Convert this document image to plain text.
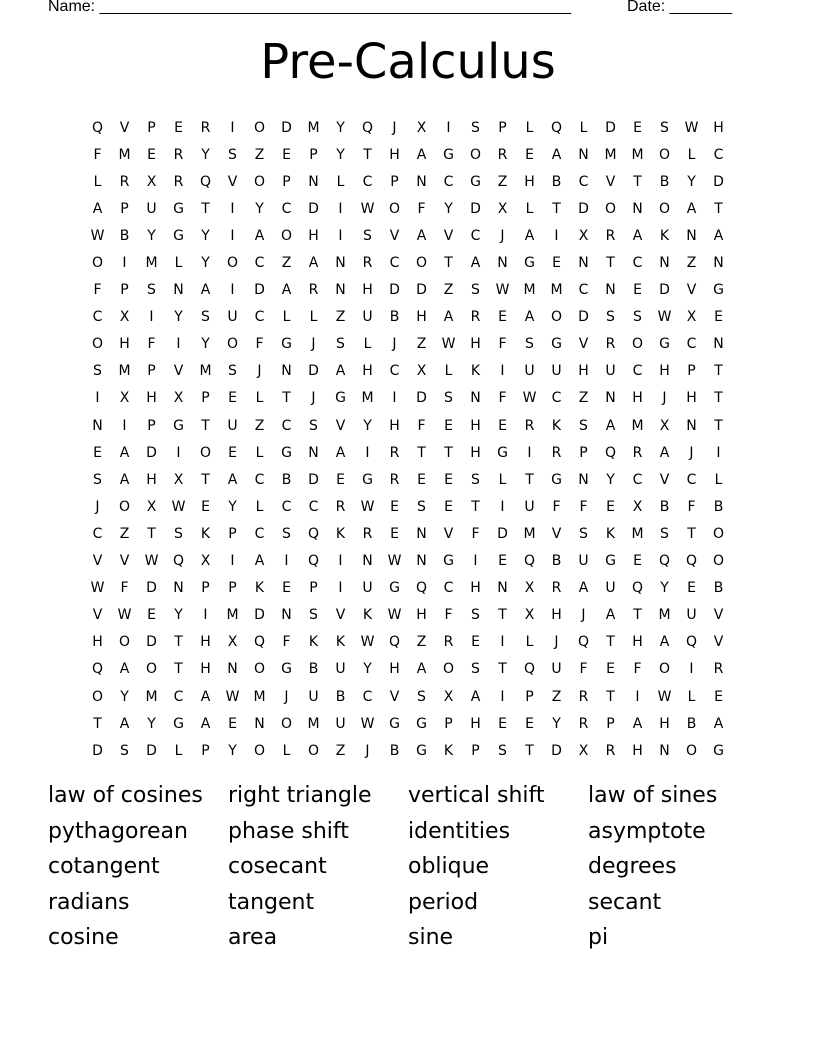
Name: _____________________________________________________	Date: _______
Pre-Calculus
Q	V	P	E	R	I	O	D	M	Y	Q	J	X	I	S	P	L	Q	L	D	E	S	W	H
F	M	E	R	Y	S	Z	E	P	Y	T	H	A	G	O	R	E	A	N	M	M	O	L	C
L	R	X	R	Q	V	O	P	N	L	C	P	N	C	G	Z	H	B	C	V	T	B	Y	D
A	P	U	G	T	I	Y	C	D	I	W	O	F	Y	D	X	L	T	D	O	N	O	A	T
W	B	Y	G	Y	I	A	O	H	I	S	V	A	V	C	J	A	I	X	R	A	K	N	A
O	I	M	L	Y	O	C	Z	A	N	R	C	O	T	A	N	G	E	N	T	C	N	Z	N
F	P	S	N	A	I	D	A	R	N	H	D	D	Z	S	W	M	M	C	N	E	D	V	G
C	X	I	Y	S	U	C	L	L	Z	U	B	H	A	R	E	A	O	D	S	S	W	X	E
O	H	F	I	Y	O	F	G	J	S	L	J	Z	W	H	F	S	G	V	R	O	G	C	N
S	M	P	V	M	S	J	N	D	A	H	C	X	L	K	I	U	U	H	U	C	H	P	T
I	X	H	X	P	E	L	T	J	G	M	I	D	S	N	F	W	C	Z	N	H	J	H	T
N	I	P	G	T	U	Z	C	S	V	Y	H	F	E	H	E	R	K	S	A	M	X	N	T
E	A	D	I	O	E	L	G	N	A	I	R	T	T	H	G	I	R	P	Q	R	A	J	I
S	A	H	X	T	A	C	B	D	E	G	R	E	E	S	L	T	G	N	Y	C	V	C	L
J	O	X	W	E	Y	L	C	C	R	W	E	S	E	T	I	U	F	F	E	X	B	F	B
C	Z	T	S	K	P	C	S	Q	K	R	E	N	V	F	D	M	V	S	K	M	S	T	O
V	V	W	Q	X	I	A	I	Q	I	N	W	N	G	I	E	Q	B	U	G	E	Q	Q	O
W	F	D	N	P	P	K	E	P	I	U	G	Q	C	H	N	X	R	A	U	Q	Y	E	B
V	W	E	Y	I	M	D	N	S	V	K	W	H	F	S	T	X	H	J	A	T	M	U	V
H	O	D	T	H	X	Q	F	K	K	W	Q	Z	R	E	I	L	J	Q	T	H	A	Q	V
Q	A	O	T	H	N	O	G	B	U	Y	H	A	O	S	T	Q	U	F	E	F	O	I	R
O	Y	M	C	A	W	M	J	U	B	C	V	S	X	A	I	P	Z	R	T	I	W	L	E
T	A	Y	G	A	E	N	O	M	U	W	G	G	P	H	E	E	Y	R	P	A	H	B	A
D	S	D	L	P	Y	O	L	O	Z	J	B	G	K	P	S	T	D	X	R	H	N	O	G
law of cosines	right triangle	vertical shift	law of sines
pythagorean	phase shift	identities	asymptote
cotangent	cosecant	oblique	degrees
radians	tangent	period	secant
cosine	area	sine	pi
